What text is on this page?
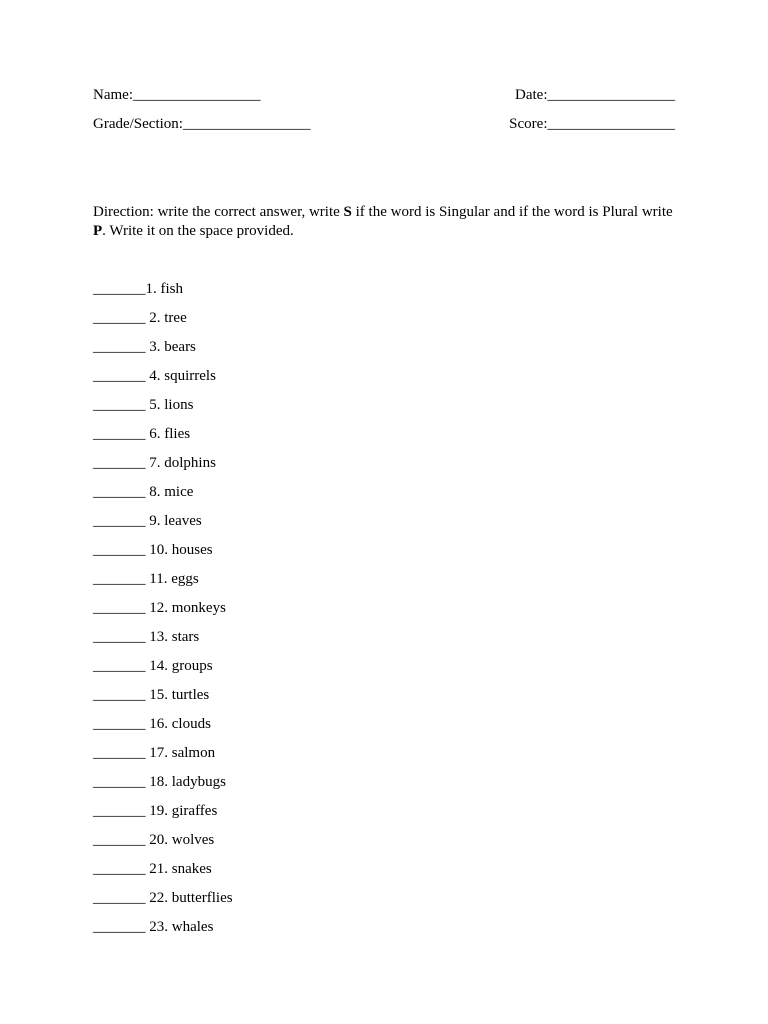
Name:_________________	Date:_________________
Grade/Section:_________________	Score:_________________
Direction: write the correct answer, write S if the word is Singular and if the word is Plural write P. Write it on the space provided.
_______1. fish
_______ 2. tree
_______ 3. bears
_______ 4. squirrels
_______ 5. lions
_______ 6. flies
_______ 7. dolphins
_______ 8. mice
_______ 9. leaves
_______ 10. houses
_______ 11. eggs
_______ 12. monkeys
_______ 13. stars
_______ 14. groups
_______ 15. turtles
_______ 16. clouds
_______ 17. salmon
_______ 18. ladybugs
_______ 19. giraffes
_______ 20. wolves
_______ 21. snakes
_______ 22. butterflies
_______ 23. whales
